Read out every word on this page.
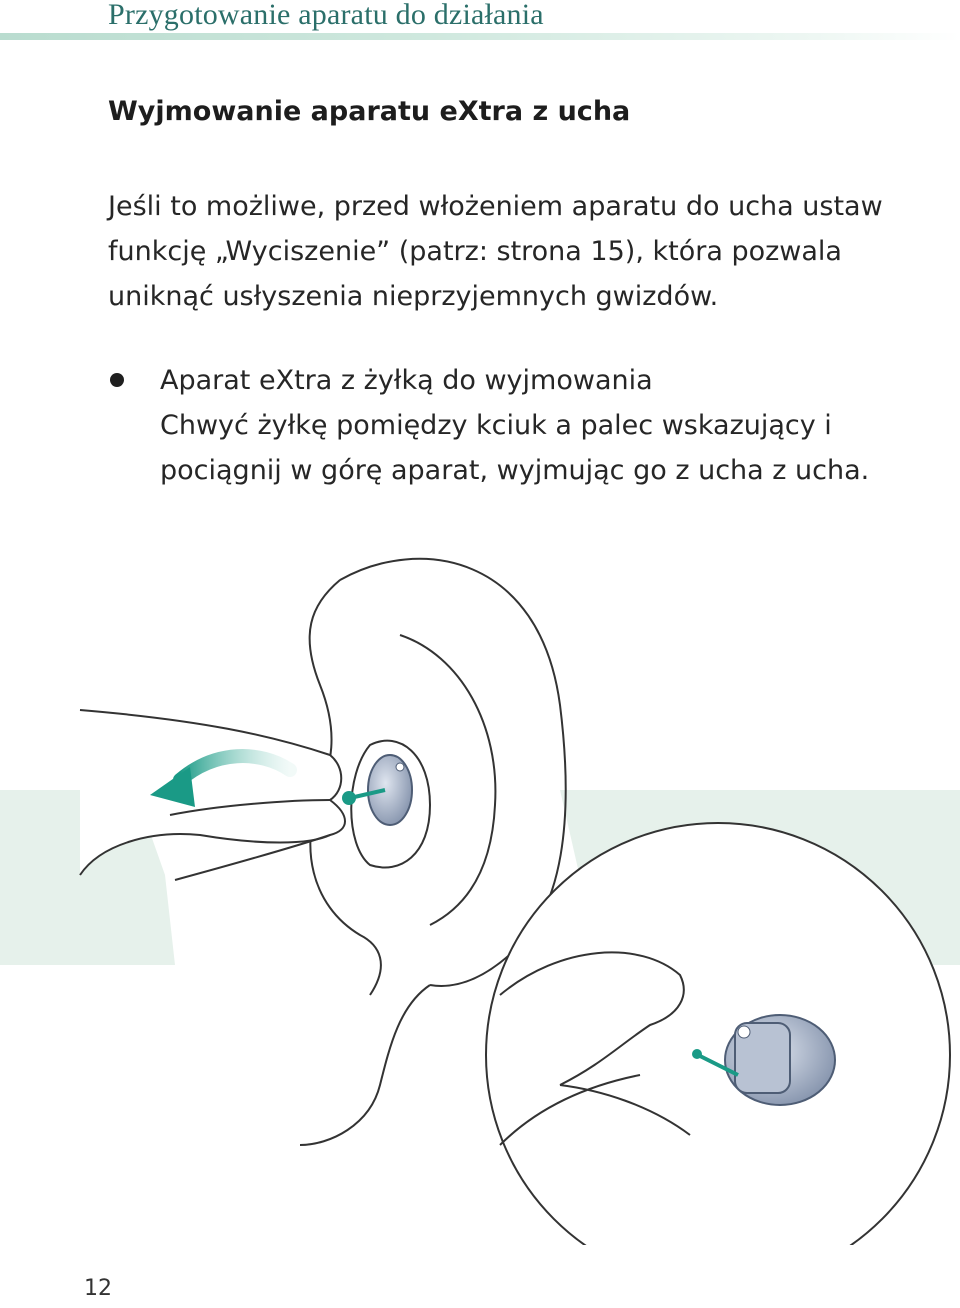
Przygotowanie aparatu do działania
Wyjmowanie aparatu eXtra z ucha
Jeśli to możliwe, przed włożeniem aparatu do ucha ustaw funkcję „Wyciszenie” (patrz: strona 15), która pozwala uniknąć usłyszenia nieprzyjemnych gwizdów.
Aparat eXtra z żyłką do wyjmowania
Chwyć żyłkę pomiędzy kciuk a palec wskazujący i pociągnij w górę aparat, wyjmując go z ucha z ucha.
12
